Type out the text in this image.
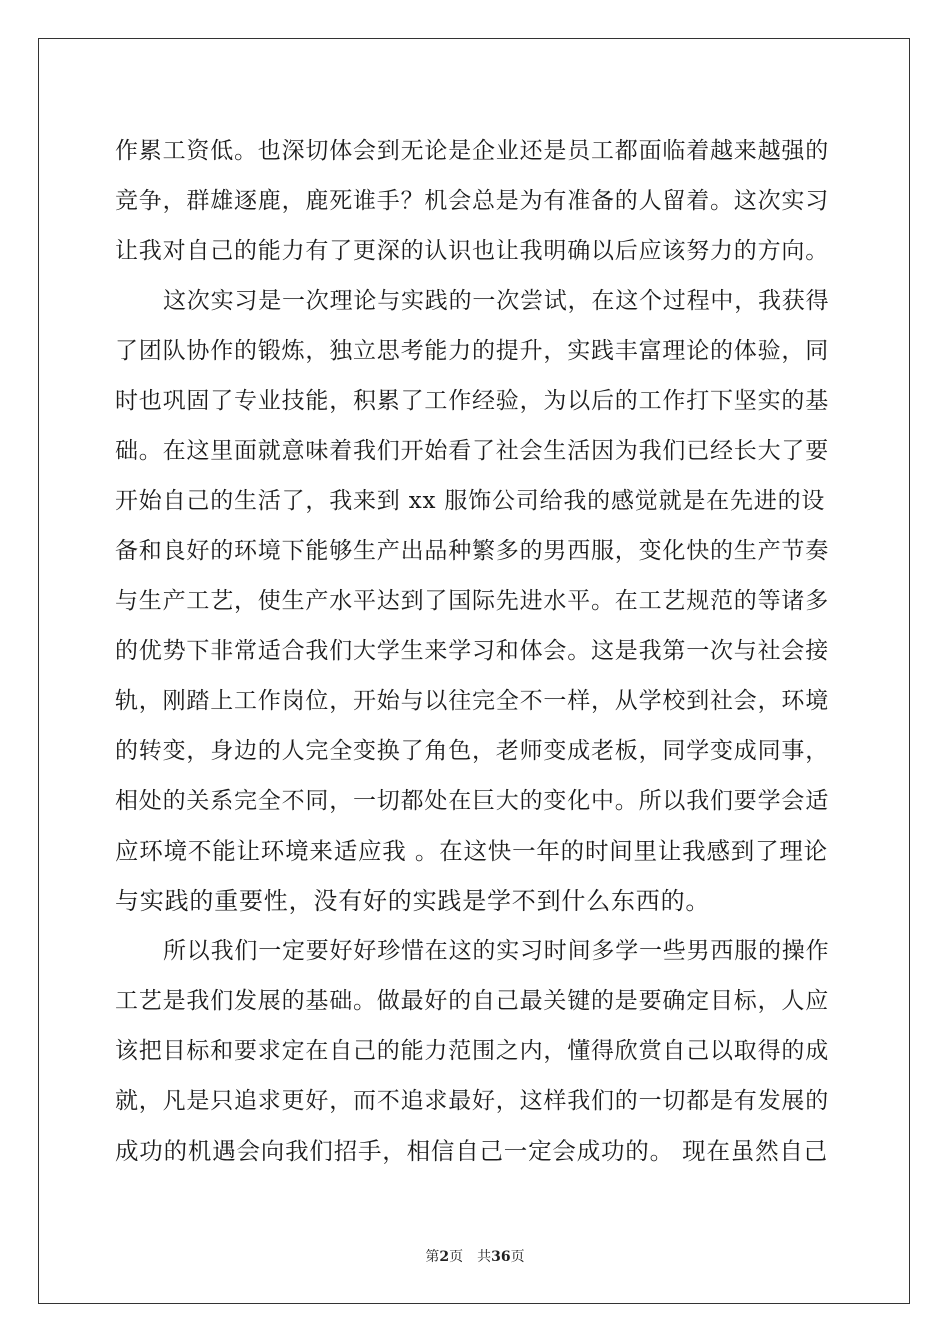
作累工资低。也深切体会到无论是企业还是员工都面临着越来越强的
竞争，群雄逐鹿，鹿死谁手？机会总是为有准备的人留着。这次实习
让我对自己的能力有了更深的认识也让我明确以后应该努力的方向。
这次实习是一次理论与实践的一次尝试，在这个过程中，我获得
了团队协作的锻炼，独立思考能力的提升，实践丰富理论的体验，同
时也巩固了专业技能，积累了工作经验，为以后的工作打下坚实的基
础。在这里面就意味着我们开始看了社会生活因为我们已经长大了要
开始自己的生活了，我来到 xx 服饰公司给我的感觉就是在先进的设
备和良好的环境下能够生产出品种繁多的男西服，变化快的生产节奏
与生产工艺，使生产水平达到了国际先进水平。在工艺规范的等诸多
的优势下非常适合我们大学生来学习和体会。这是我第一次与社会接
轨，刚踏上工作岗位，开始与以往完全不一样，从学校到社会，环境
的转变，身边的人完全变换了角色，老师变成老板，同学变成同事，
相处的关系完全不同，一切都处在巨大的变化中。所以我们要学会适
应环境不能让环境来适应我 。在这快一年的时间里让我感到了理论
与实践的重要性，没有好的实践是学不到什么东西的。
所以我们一定要好好珍惜在这的实习时间多学一些男西服的操作
工艺是我们发展的基础。做最好的自己最关键的是要确定目标，人应
该把目标和要求定在自己的能力范围之内，懂得欣赏自己以取得的成
就，凡是只追求更好，而不追求最好，这样我们的一切都是有发展的
成功的机遇会向我们招手，相信自己一定会成功的。 现在虽然自己
第2页 共36页
